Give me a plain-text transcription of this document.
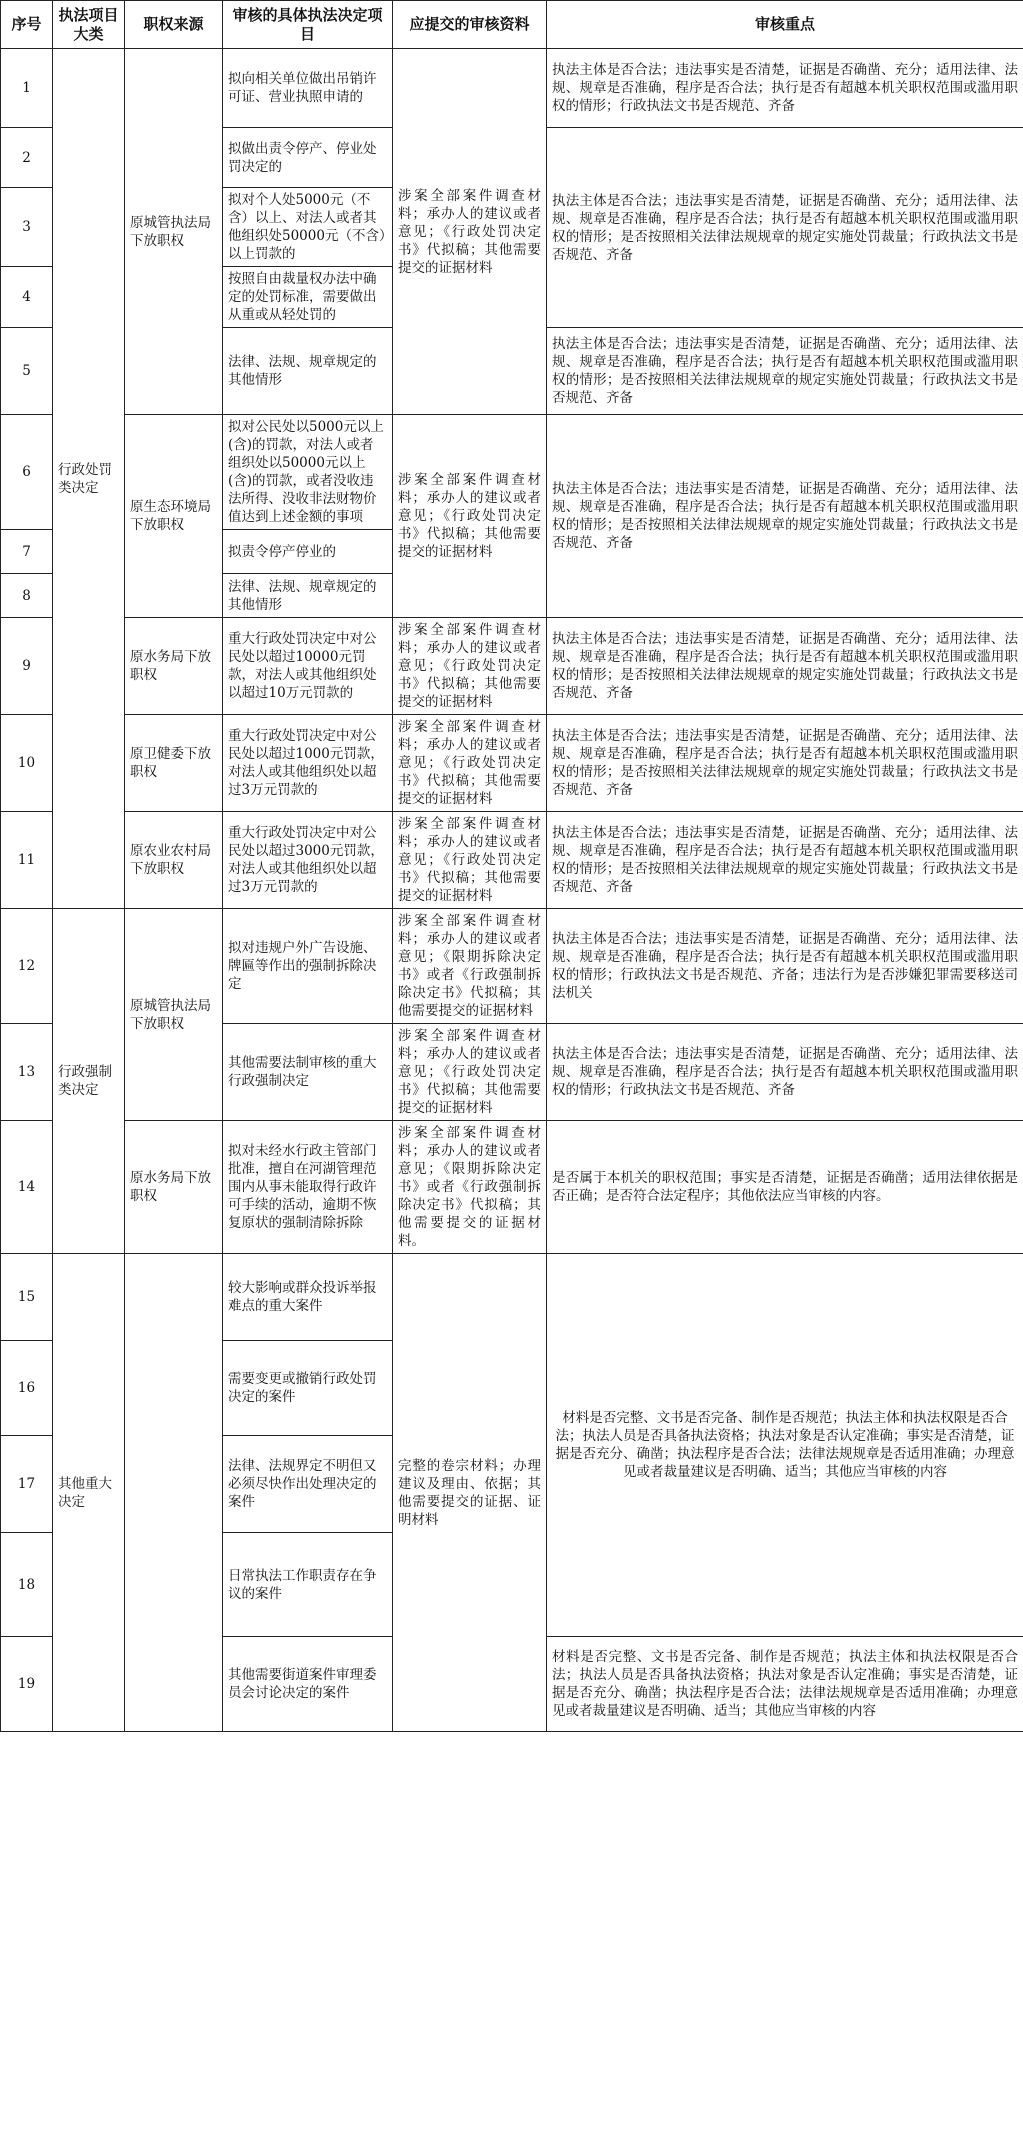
序号	执法项目大类	职权来源	审核的具体执法决定项目	应提交的审核资料	审核重点
1	行政处罚类决定	原城管执法局下放职权	拟向相关单位做出吊销许可证、营业执照申请的	涉案全部案件调查材料；承办人的建议或者意见；《行政处罚决定书》代拟稿；其他需要提交的证据材料	执法主体是否合法；违法事实是否清楚，证据是否确凿、充分；适用法律、法规、规章是否准确，程序是否合法；执行是否有超越本机关职权范围或滥用职权的情形；行政执法文书是否规范、齐备
2			拟做出责令停产、停业处罚决定的		执法主体是否合法；违法事实是否清楚，证据是否确凿、充分；适用法律、法规、规章是否准确，程序是否合法；执行是否有超越本机关职权范围或滥用职权的情形；是否按照相关法律法规规章的规定实施处罚裁量；行政执法文书是否规范、齐备
3			拟对个人处5000元（不含）以上、对法人或者其他组织处50000元（不含）以上罚款的		
4			按照自由裁量权办法中确定的处罚标准，需要做出从重或从轻处罚的		
5			法律、法规、规章规定的其他情形		执法主体是否合法；违法事实是否清楚，证据是否确凿、充分；适用法律、法规、规章是否准确，程序是否合法；执行是否有超越本机关职权范围或滥用职权的情形；是否按照相关法律法规规章的规定实施处罚裁量；行政执法文书是否规范、齐备
6		原生态环境局下放职权	拟对公民处以5000元以上(含)的罚款，对法人或者组织处以50000元以上(含)的罚款，或者没收违法所得、没收非法财物价值达到上述金额的事项	涉案全部案件调查材料；承办人的建议或者意见；《行政处罚决定书》代拟稿；其他需要提交的证据材料	执法主体是否合法；违法事实是否清楚，证据是否确凿、充分；适用法律、法规、规章是否准确，程序是否合法；执行是否有超越本机关职权范围或滥用职权的情形；是否按照相关法律法规规章的规定实施处罚裁量；行政执法文书是否规范、齐备
7			拟责令停产停业的		
8			法律、法规、规章规定的其他情形		
9		原水务局下放职权	重大行政处罚决定中对公民处以超过10000元罚款，对法人或其他组织处以超过10万元罚款的	涉案全部案件调查材料；承办人的建议或者意见；《行政处罚决定书》代拟稿；其他需要提交的证据材料	执法主体是否合法；违法事实是否清楚，证据是否确凿、充分；适用法律、法规、规章是否准确，程序是否合法；执行是否有超越本机关职权范围或滥用职权的情形；是否按照相关法律法规规章的规定实施处罚裁量；行政执法文书是否规范、齐备
10		原卫健委下放职权	重大行政处罚决定中对公民处以超过1000元罚款，对法人或其他组织处以超过3万元罚款的	涉案全部案件调查材料；承办人的建议或者意见；《行政处罚决定书》代拟稿；其他需要提交的证据材料	执法主体是否合法；违法事实是否清楚，证据是否确凿、充分；适用法律、法规、规章是否准确，程序是否合法；执行是否有超越本机关职权范围或滥用职权的情形；是否按照相关法律法规规章的规定实施处罚裁量；行政执法文书是否规范、齐备
11		原农业农村局下放职权	重大行政处罚决定中对公民处以超过3000元罚款，对法人或其他组织处以超过3万元罚款的	涉案全部案件调查材料；承办人的建议或者意见；《行政处罚决定书》代拟稿；其他需要提交的证据材料	执法主体是否合法；违法事实是否清楚，证据是否确凿、充分；适用法律、法规、规章是否准确，程序是否合法；执行是否有超越本机关职权范围或滥用职权的情形；是否按照相关法律法规规章的规定实施处罚裁量；行政执法文书是否规范、齐备
12	行政强制类决定	原城管执法局下放职权	拟对违规户外广告设施、牌匾等作出的强制拆除决定	涉案全部案件调查材料；承办人的建议或者意见；《限期拆除决定书》或者《行政强制拆除决定书》代拟稿；其他需要提交的证据材料	执法主体是否合法；违法事实是否清楚，证据是否确凿、充分；适用法律、法规、规章是否准确，程序是否合法；执行是否有超越本机关职权范围或滥用职权的情形；行政执法文书是否规范、齐备；违法行为是否涉嫌犯罪需要移送司法机关
13			其他需要法制审核的重大行政强制决定	涉案全部案件调查材料；承办人的建议或者意见；《行政处罚决定书》代拟稿；其他需要提交的证据材料	执法主体是否合法；违法事实是否清楚，证据是否确凿、充分；适用法律、法规、规章是否准确，程序是否合法；执行是否有超越本机关职权范围或滥用职权的情形；行政执法文书是否规范、齐备
14		原水务局下放职权	拟对未经水行政主管部门批准，擅自在河湖管理范围内从事未能取得行政许可手续的活动，逾期不恢复原状的强制清除拆除	涉案全部案件调查材料；承办人的建议或者意见；《限期拆除决定书》或者《行政强制拆除决定书》代拟稿；其他需要提交的证据材料。	是否属于本机关的职权范围；事实是否清楚，证据是否确凿；适用法律依据是否正确；是否符合法定程序；其他依法应当审核的内容。
15	其他重大决定		较大影响或群众投诉举报难点的重大案件	完整的卷宗材料；办理建议及理由、依据；其他需要提交的证据、证明材料	材料是否完整、文书是否完备、制作是否规范；执法主体和执法权限是否合法；执法人员是否具备执法资格；执法对象是否认定准确；事实是否清楚，证据是否充分、确凿；执法程序是否合法；法律法规规章是否适用准确；办理意见或者裁量建议是否明确、适当；其他应当审核的内容
16			需要变更或撤销行政处罚决定的案件		
17			法律、法规界定不明但又必须尽快作出处理决定的案件		
18			日常执法工作职责存在争议的案件		
19			其他需要街道案件审理委员会讨论决定的案件		材料是否完整、文书是否完备、制作是否规范；执法主体和执法权限是否合法；执法人员是否具备执法资格；执法对象是否认定准确；事实是否清楚，证据是否充分、确凿；执法程序是否合法；法律法规规章是否适用准确；办理意见或者裁量建议是否明确、适当；其他应当审核的内容
